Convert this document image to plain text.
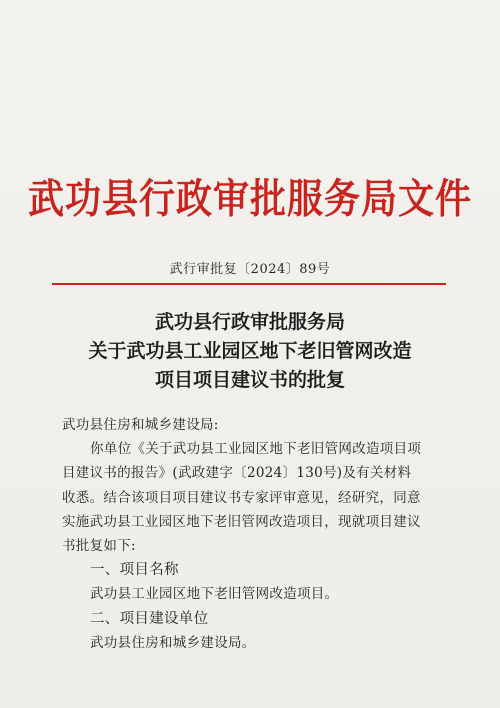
武功县行政审批服务局文件
武行审批复〔2024〕89号
武功县行政审批服务局
关于武功县工业园区地下老旧管网改造
项目项目建议书的批复
武功县住房和城乡建设局:
你单位《关于武功县工业园区地下老旧管网改造项目项
目建议书的报告》(武政建字〔2024〕130号)及有关材料
收悉。结合该项目项目建议书专家评审意见，经研究，同意
实施武功县工业园区地下老旧管网改造项目，现就项目建议
书批复如下:
一、项目名称
武功县工业园区地下老旧管网改造项目。
二、项目建设单位
武功县住房和城乡建设局。
